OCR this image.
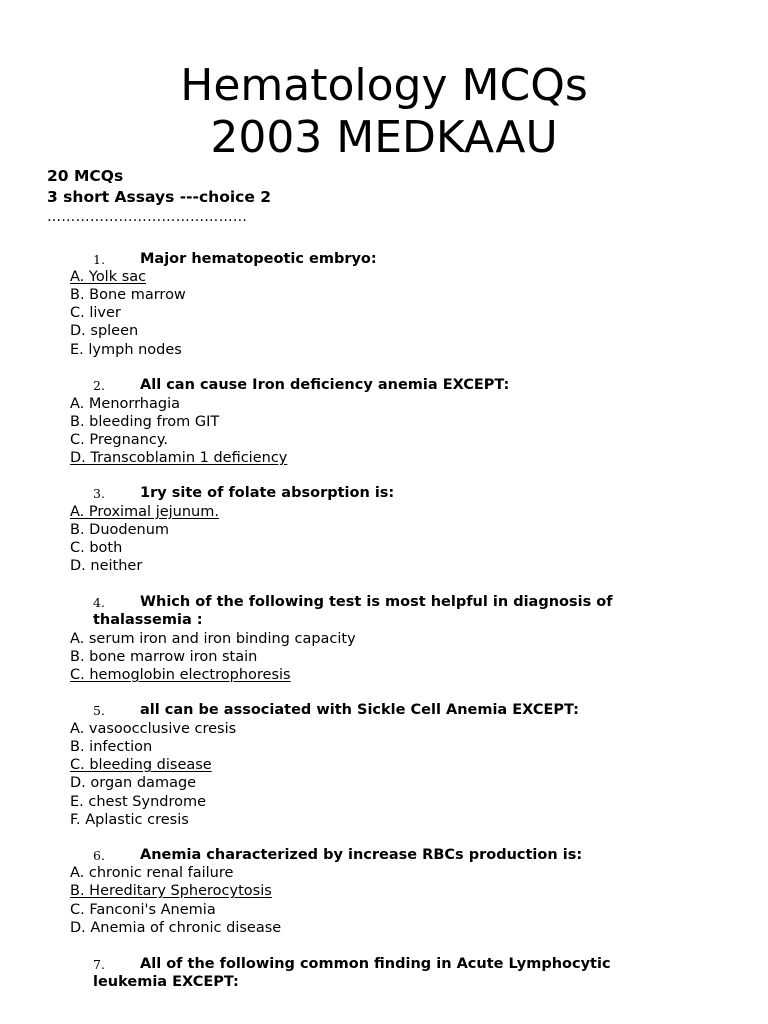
Hematology MCQs
2003 MEDKAAU
20 MCQs
3 short Assays ---choice 2
……………………………………
1. Major hematopeotic embryo:
A. Yolk sac
B. Bone marrow
C. liver
D. spleen
E. lymph nodes
2. All can cause Iron deficiency anemia EXCEPT:
A. Menorrhagia
B. bleeding from GIT
C. Pregnancy.
D. Transcoblamin 1 deficiency
3. 1ry site of folate absorption is:
A. Proximal jejunum.
B. Duodenum
C. both
D. neither
4. Which of the following test is most helpful in diagnosis of
thalassemia :
A. serum iron and iron binding capacity
B. bone marrow iron stain
C. hemoglobin electrophoresis
5. all can be associated with Sickle Cell Anemia EXCEPT:
A. vasoocclusive cresis
B. infection
C. bleeding disease
D. organ damage
E. chest Syndrome
F. Aplastic cresis
6. Anemia characterized by increase RBCs production is:
A. chronic renal failure
B. Hereditary Spherocytosis
C. Fanconi's Anemia
D. Anemia of chronic disease
7. All of the following common finding in Acute Lymphocytic
leukemia EXCEPT:
